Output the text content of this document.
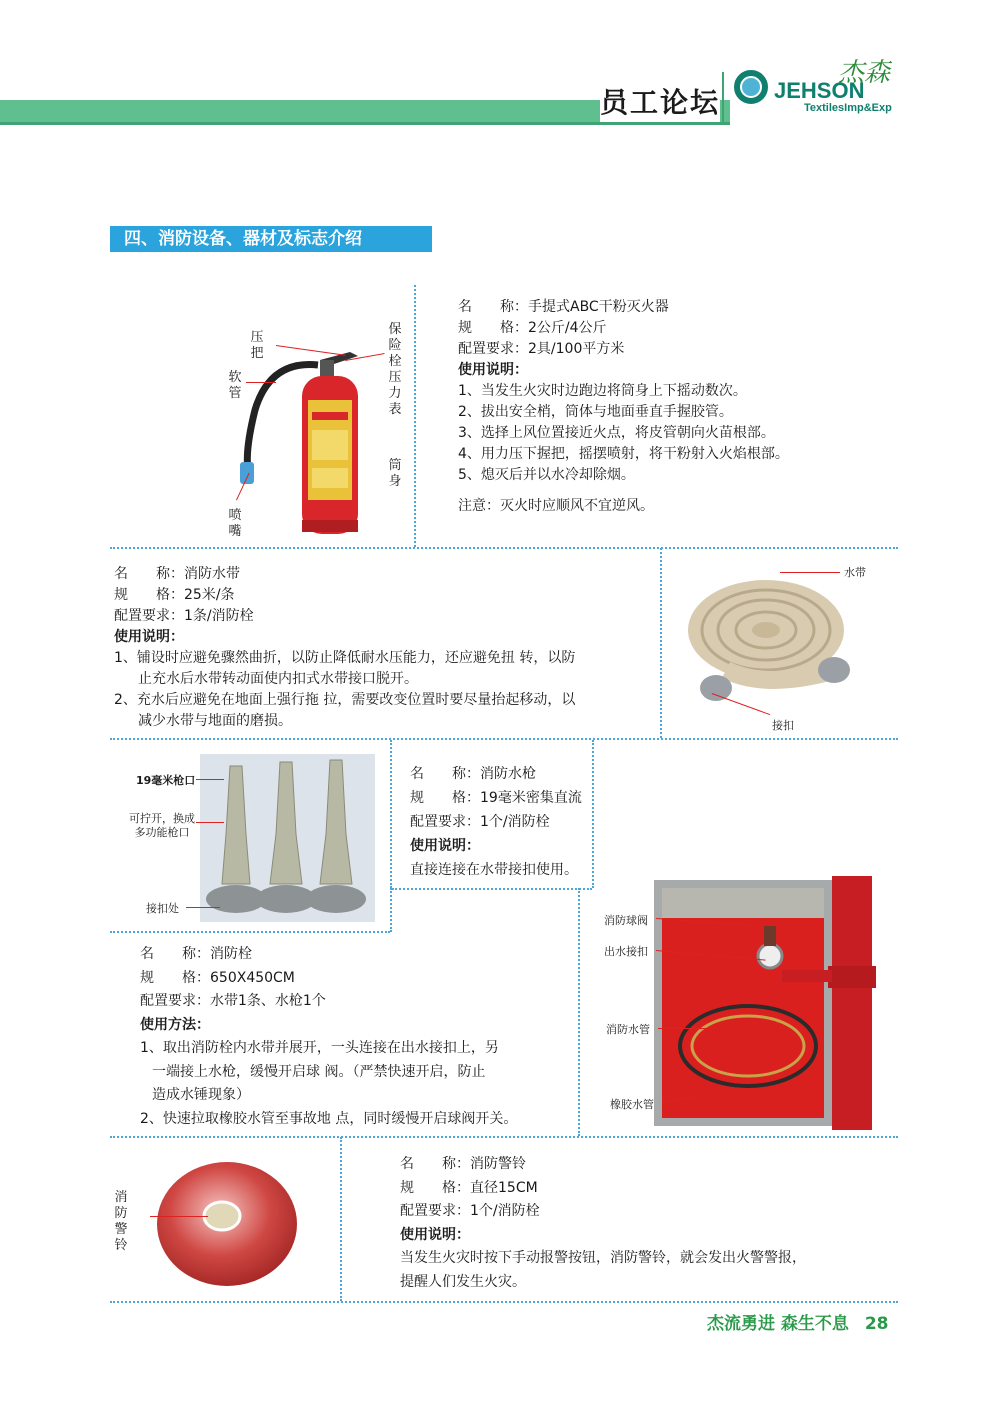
员工论坛 JEHSON
杰森
TextilesImp&Exp
四、消防设备、器材及标志介绍
压把
软管
喷嘴
保险栓压力表
筒身
名　　称：手提式ABC干粉灭火器
规　　格：2公斤/4公斤
配置要求：2具/100平方米
使用说明：
1、当发生火灾时边跑边将筒身上下摇动数次。
2、拔出安全梢，筒体与地面垂直手握胶管。
3、选择上风位置接近火点，将皮管朝向火苗根部。
4、用力压下握把，摇摆喷射，将干粉射入火焰根部。
5、熄灭后并以水冷却除烟。
注意：灭火时应顺风不宜逆风。
名　　称：消防水带
规　　格：25米/条
配置要求：1条/消防栓
使用说明：
1、铺设时应避免骤然曲折，以防止降低耐水压能力，还应避免扭 转，以防
止充水后水带转动面使内扣式水带接口脱开。
2、充水后应避免在地面上强行拖 拉，需要改变位置时要尽量抬起移动，以
减少水带与地面的磨损。
水带
接扣
19毫米枪口
可拧开，换成多功能枪口
接扣处
名　　称：消防水枪
规　　格：19毫米密集直流
配置要求：1个/消防栓
使用说明：
直接连接在水带接扣使用。
名　　称：消防栓
规　　格：650X450CM
配置要求：水带1条、水枪1个
使用方法：
1、取出消防栓内水带并展开，一头连接在出水接扣上，另
一端接上水枪，缓慢开启球 阀。（严禁快速开启，防止
造成水锤现象）
2、快速拉取橡胶水管至事故地 点，同时缓慢开启球阀开关。
消防球阀
出水接扣
消防水管
橡胶水管
消防警铃
名　　称：消防警铃
规　　格：直径15CM
配置要求：1个/消防栓
使用说明：
当发生火灾时按下手动报警按钮，消防警铃，就会发出火警警报，
提醒人们发生火灾。
杰流勇进 森生不息 28
